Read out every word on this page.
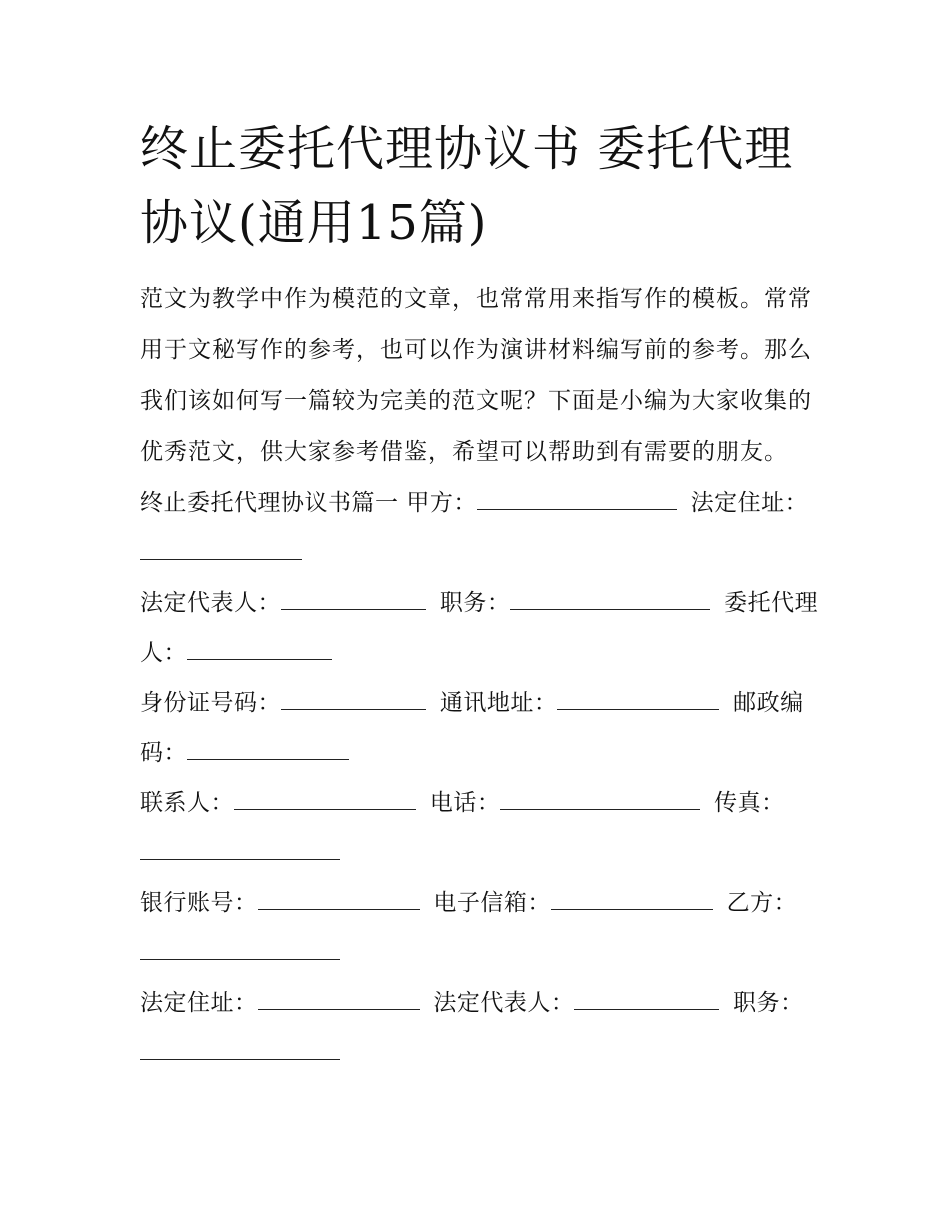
终止委托代理协议书 委托代理协议(通用15篇)

范文为教学中作为模范的文章，也常常用来指写作的模板。常常用于文秘写作的参考，也可以作为演讲材料编写前的参考。那么我们该如何写一篇较为完美的范文呢？下面是小编为大家收集的优秀范文，供大家参考借鉴，希望可以帮助到有需要的朋友。

终止委托代理协议书篇一 甲方：	法定住址：

法定代表人：	职务：	委托代理人：

身份证号码：	通讯地址：	邮政编码：

联系人：	电话：	传真：

银行账号：	电子信箱：	乙方：

法定住址：	法定代表人：	职务：
